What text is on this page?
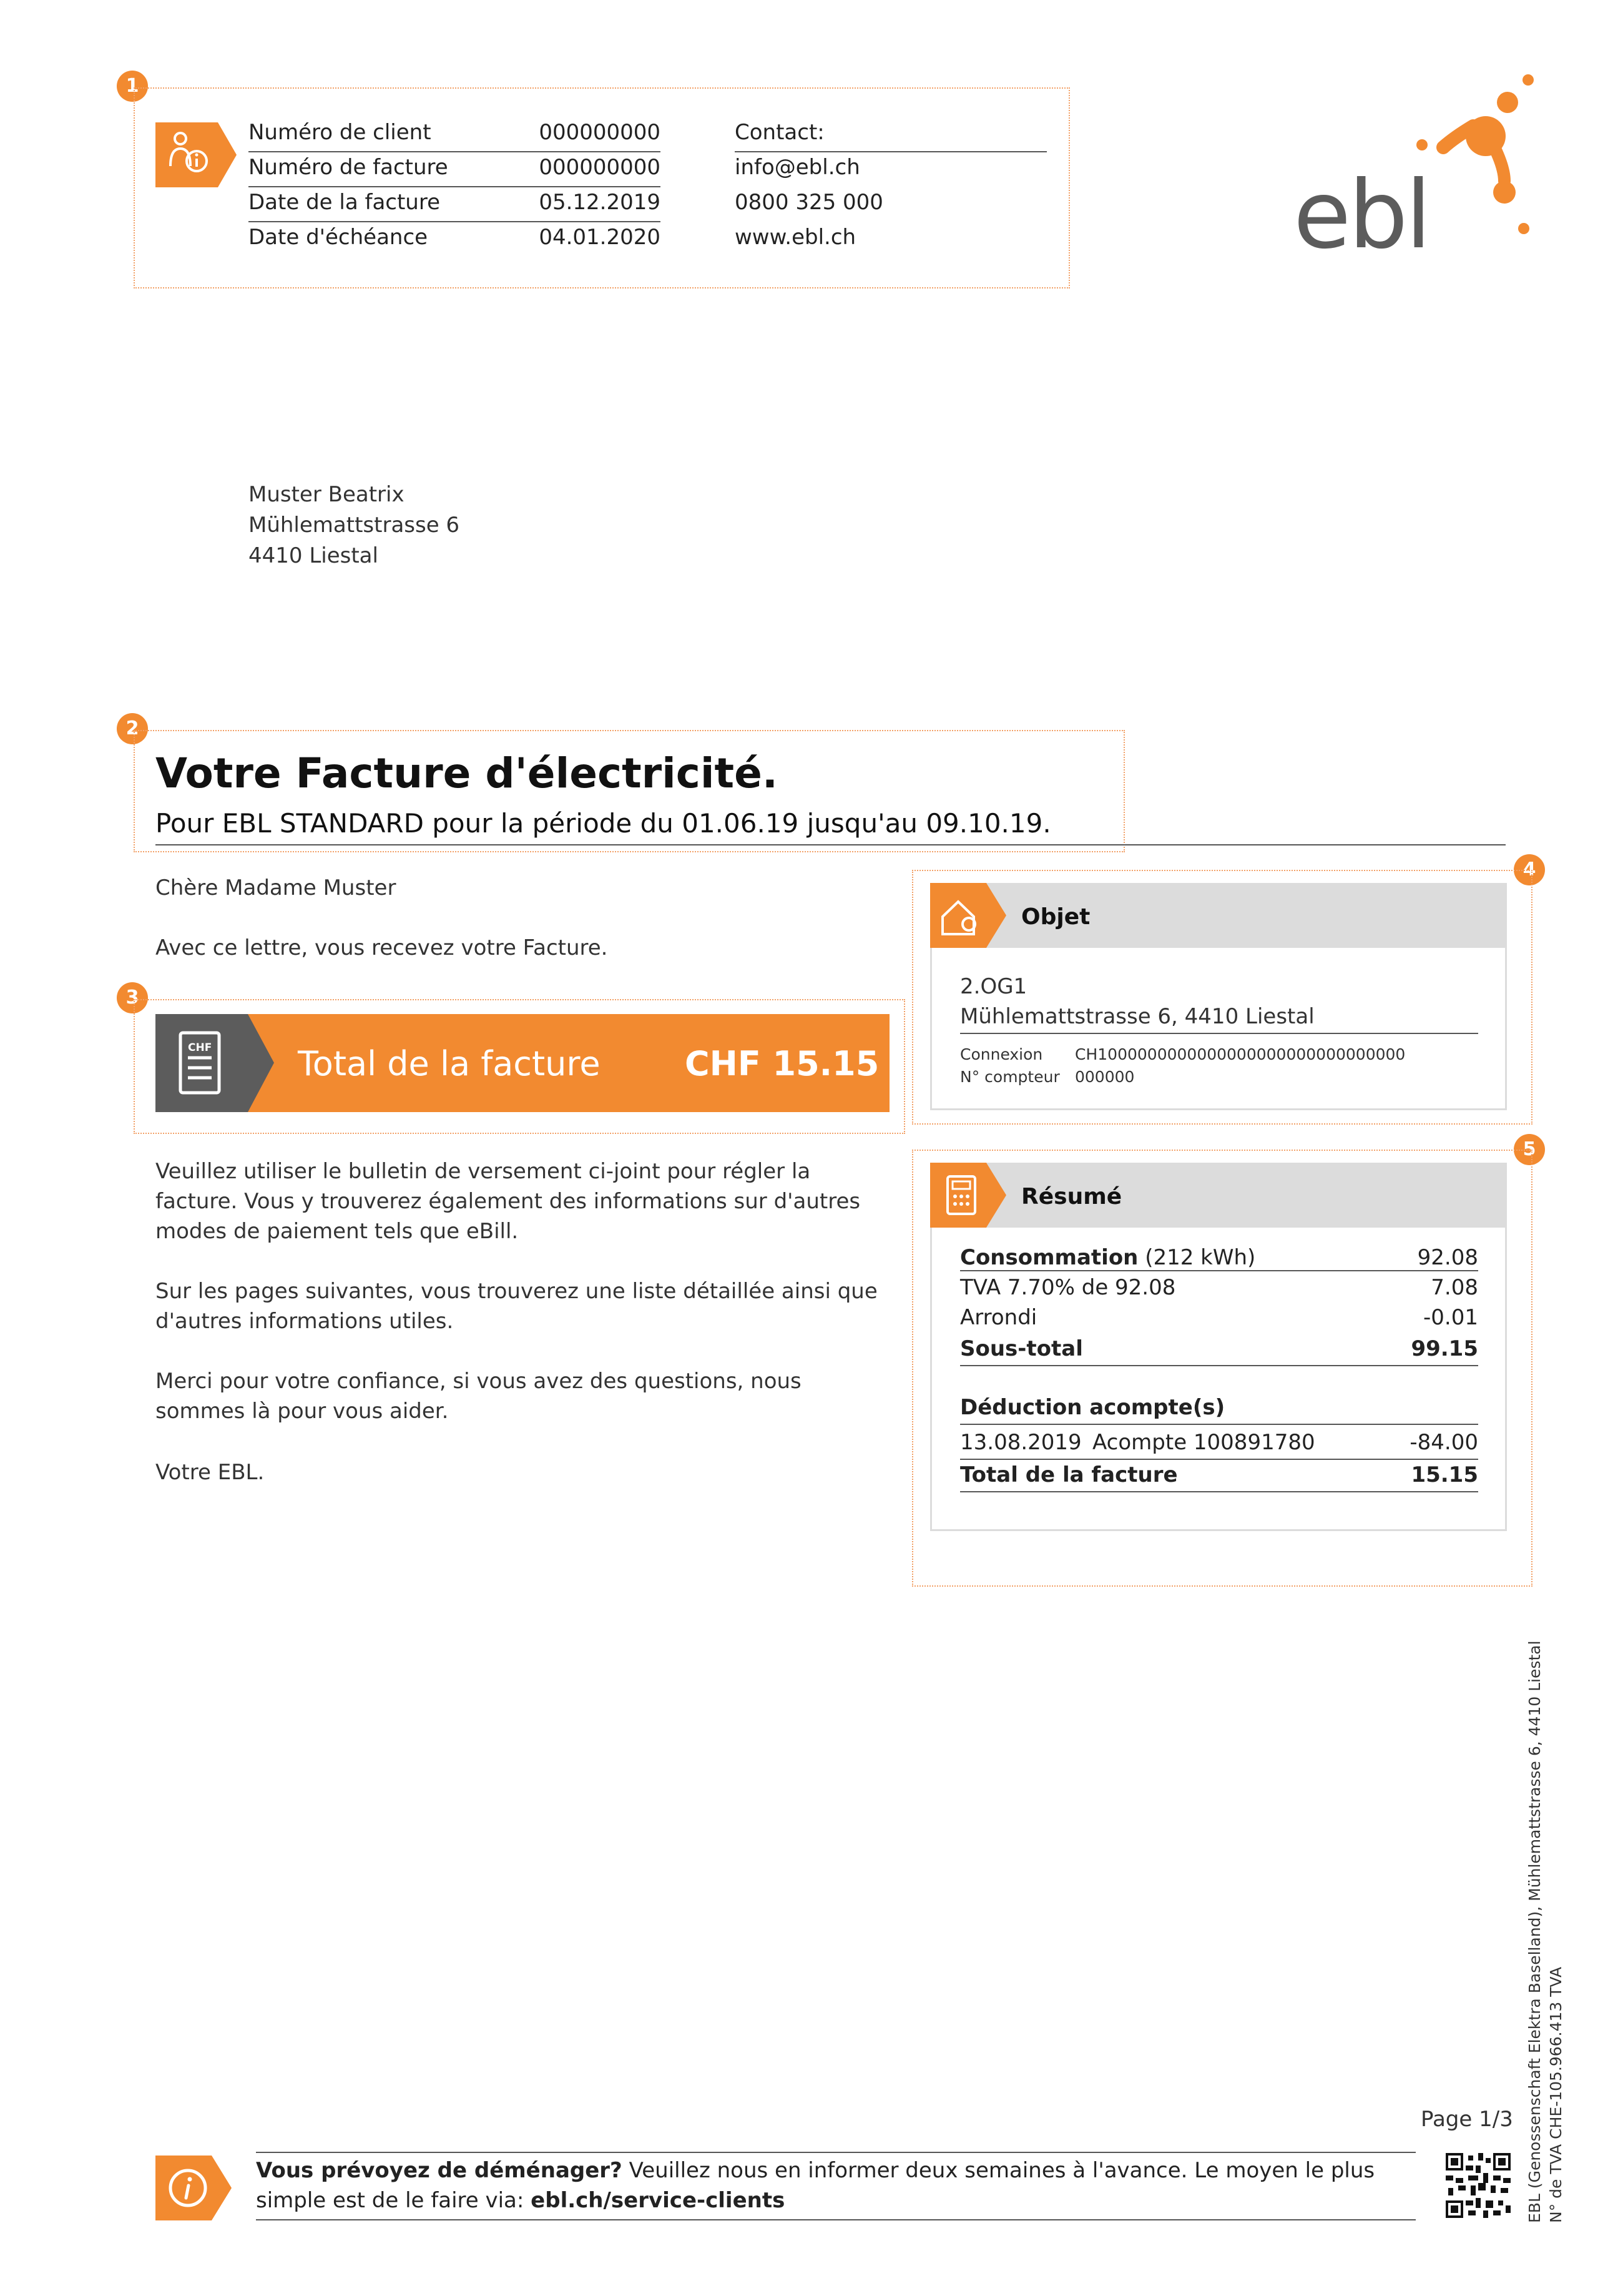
1
Numéro de client	000000000
Numéro de facture	000000000
Date de la facture	05.12.2019
Date d'échéance	04.01.2020
Contact:
info@ebl.ch
0800 325 000
www.ebl.ch	ebl
Muster Beatrix
Mühlemattstrasse 6
4410 Liestal
2
Votre Facture d'électricité.
Pour EBL STANDARD pour la période du 01.06.19 jusqu'au 09.10.19.
Chère Madame Muster
Avec ce lettre, vous recevez votre Facture.
3
CHF	Total de la facture	CHF 15.15
Veuillez utiliser le bulletin de versement ci-joint pour régler la
facture. Vous y trouverez également des informations sur d'autres
modes de paiement tels que eBill.
Sur les pages suivantes, vous trouverez une liste détaillée ainsi que
d'autres informations utiles.
Merci pour votre confiance, si vous avez des questions, nous
sommes là pour vous aider.
Votre EBL.
4
Objet
2.OG1
Mühlemattstrasse 6, 4410 Liestal
Connexion CH1000000000000000000000000000000
N° compteur 000000
5
Résumé
Consommation (212 kWh)	92.08
TVA 7.70% de 92.08	7.08
Arrondi	-0.01
Sous-total	99.15
Déduction acompte(s)
13.08.2019 Acompte 100891780	-84.00
Total de la facture	15.15
EBL (Genossenschaft Elektra Baselland), Mühlemattstrasse 6, 4410 Liestal N° de TVA CHE-105.966.413 TVA
Page 1/3
Vous prévoyez de déménager? Veuillez nous en informer deux semaines à l'avance. Le moyen le plus
simple est de le faire via: ebl.ch/service-clients
